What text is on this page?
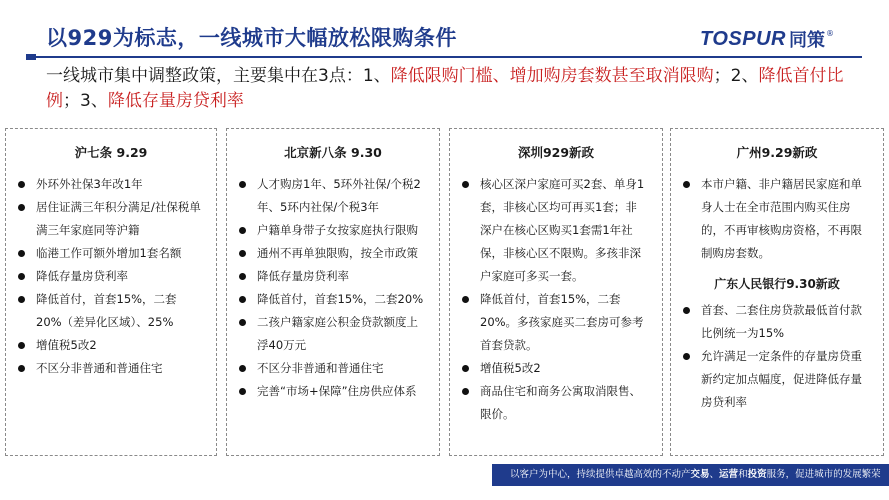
以929为标志，一线城市大幅放松限购条件	TOSPUR 同策 ®
一线城市集中调整政策，主要集中在3点：1、降低限购门槛、增加购房套数甚至取消限购；2、降低首付比例；3、降低存量房贷利率
沪七条 9.29
外环外社保3年改1年
居住证满三年积分满足/社保税单满三年家庭同等沪籍
临港工作可额外增加1套名额
降低存量房贷利率
降低首付，首套15%，二套20%（差异化区域）、25%
增值税5改2
不区分非普通和普通住宅
北京新八条 9.30
人才购房1年、5环外社保/个税2年、5环内社保/个税3年
户籍单身带子女按家庭执行限购
通州不再单独限购，按全市政策
降低存量房贷利率
降低首付，首套15%，二套20%
二孩户籍家庭公积金贷款额度上浮40万元
不区分非普通和普通住宅
完善“市场+保障”住房供应体系
深圳929新政
核心区深户家庭可买2套、单身1套，非核心区均可再买1套；非深户在核心区购买1套需1年社保，非核心区不限购。多孩非深户家庭可多买一套。
降低首付，首套15%，二套20%。多孩家庭买二套房可参考首套贷款。
增值税5改2
商品住宅和商务公寓取消限售、限价。
广州9.29新政
本市户籍、非户籍居民家庭和单身人士在全市范围内购买住房的，不再审核购房资格，不再限制购房套数。
广东人民银行9.30新政
首套、二套住房贷款最低首付款比例统一为15%
允许满足一定条件的存量房贷重新约定加点幅度，促进降低存量房贷利率
以客户为中心，持续提供卓越高效的不动产交易、运营和投资服务，促进城市的发展繁荣
